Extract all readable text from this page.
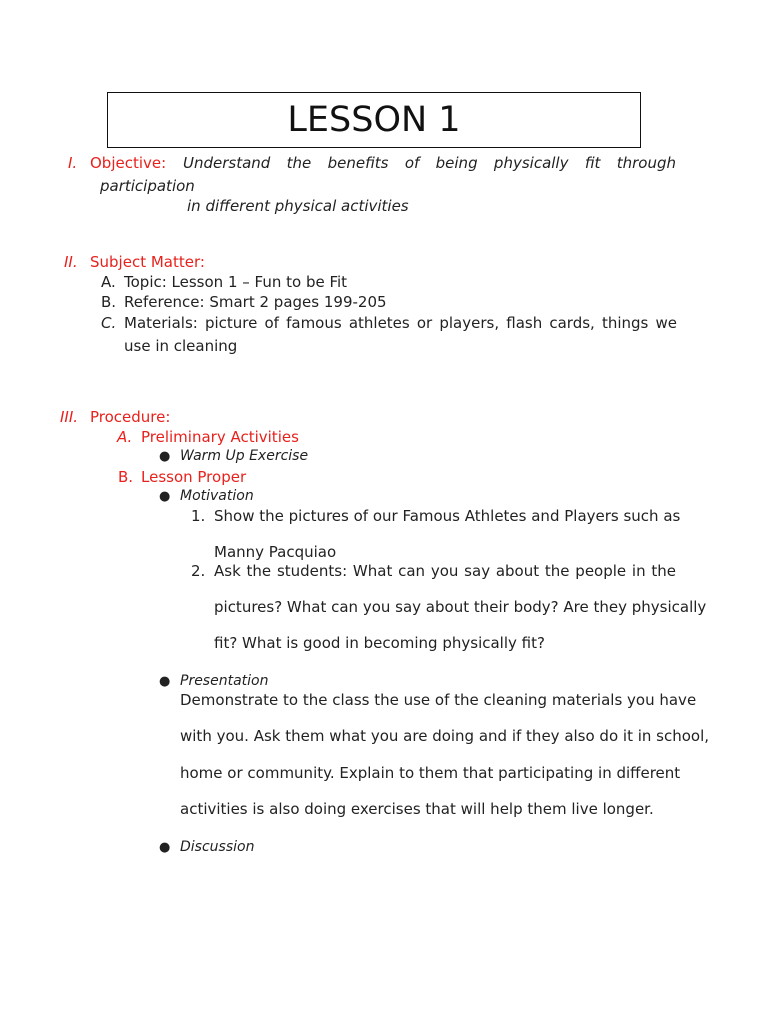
LESSON 1
I. Objective: Understand the benefits of being physically fit through
participation
in different physical activities
II. Subject Matter:
A. Topic: Lesson 1 – Fun to be Fit
B. Reference: Smart 2 pages 199-205
C. Materials: picture of famous athletes or players, flash cards, things we
use in cleaning
III. Procedure:
A. Preliminary Activities
● Warm Up Exercise
B. Lesson Proper
● Motivation
1. Show the pictures of our Famous Athletes and Players such as
Manny Pacquiao
2. Ask the students: What can you say about the people in the
pictures? What can you say about their body? Are they physically
fit? What is good in becoming physically fit?
● Presentation
Demonstrate to the class the use of the cleaning materials you have
with you. Ask them what you are doing and if they also do it in school,
home or community. Explain to them that participating in different
activities is also doing exercises that will help them live longer.
● Discussion
